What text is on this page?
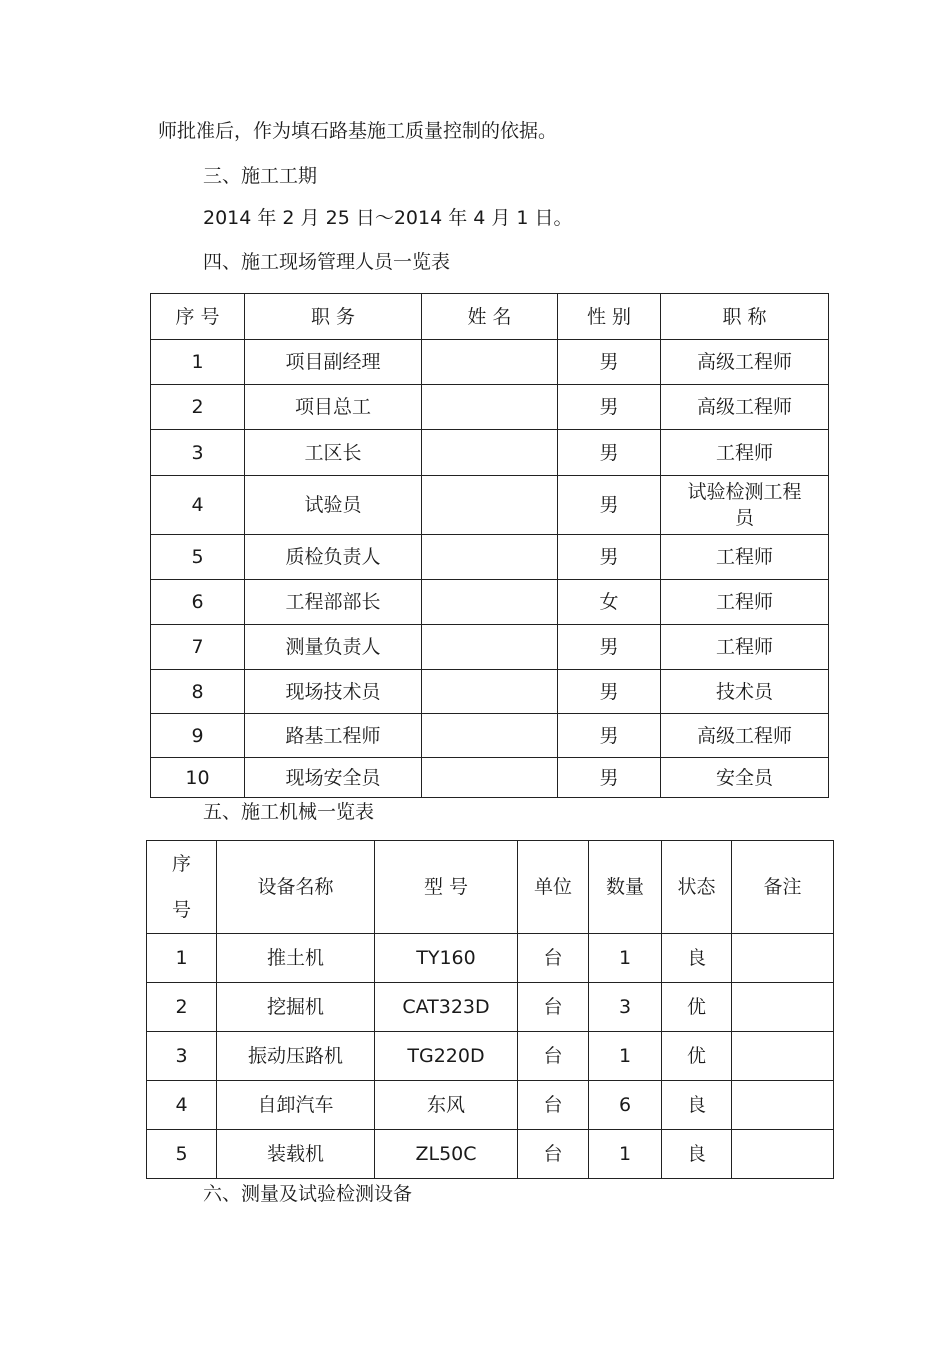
师批准后，作为填石路基施工质量控制的依据。
三、施工工期
2014 年 2 月 25 日～2014 年 4 月 1 日。
四、施工现场管理人员一览表
序 号	职 务	姓 名	性 别	职 称
1	项目副经理		男	高级工程师
2	项目总工		男	高级工程师
3	工区长		男	工程师
4	试验员		男	试验检测工程员
5	质检负责人		男	工程师
6	工程部部长		女	工程师
7	测量负责人		男	工程师
8	现场技术员		男	技术员
9	路基工程师		男	高级工程师
10	现场安全员		男	安全员
五、施工机械一览表
序号	设备名称	型 号	单位	数量	状态	备注
1	推土机	TY160	台	1	良	
2	挖掘机	CAT323D	台	3	优	
3	振动压路机	TG220D	台	1	优	
4	自卸汽车	东风	台	6	良	
5	装载机	ZL50C	台	1	良	
六、测量及试验检测设备
